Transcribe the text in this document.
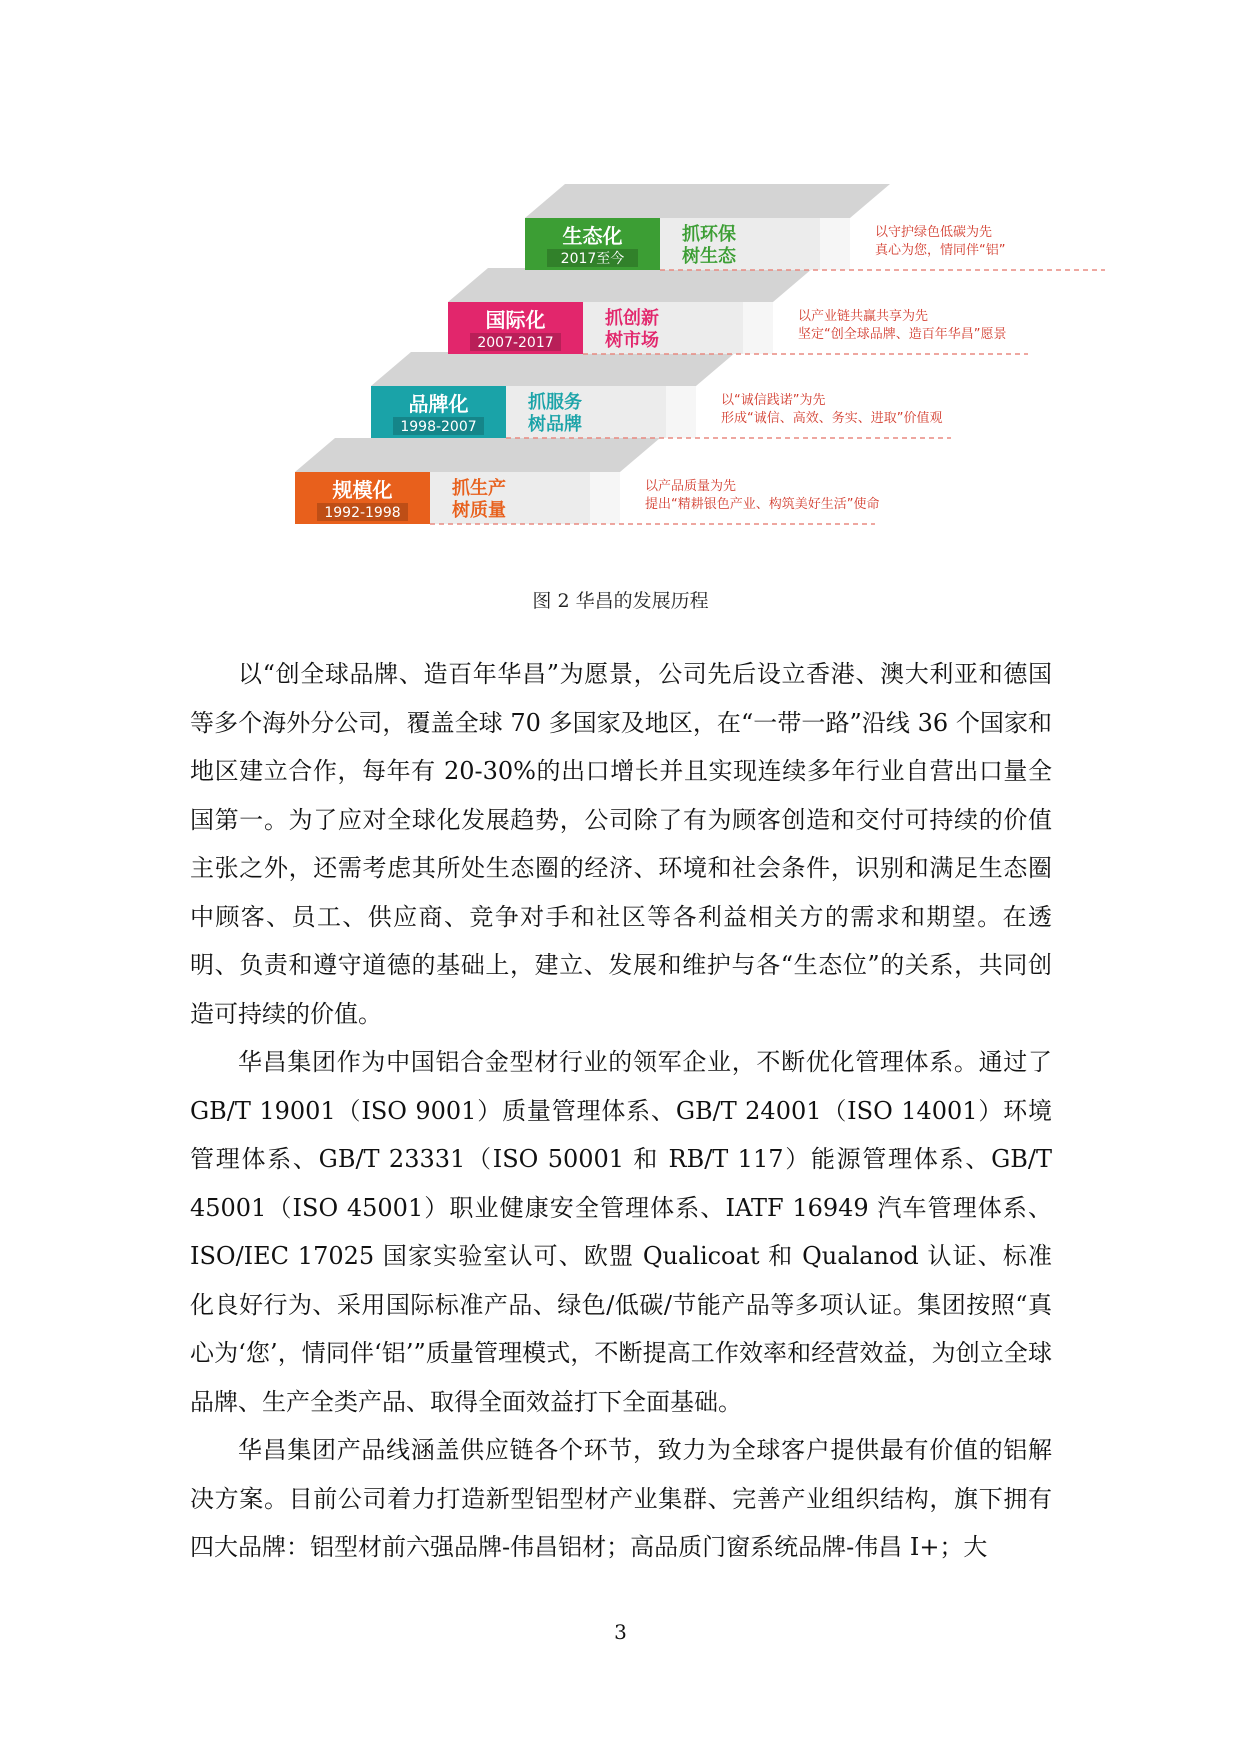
规模化
1992-1998
抓生产
树质量
以产品质量为先
提出“精耕银色产业、构筑美好生活”使命
品牌化
1998-2007
抓服务
树品牌
以“诚信践诺”为先
形成“诚信、高效、务实、进取”价值观
国际化
2007-2017
抓创新
树市场
以产业链共赢共享为先
坚定“创全球品牌、造百年华昌”愿景
生态化
2017至今
抓环保
树生态
以守护绿色低碳为先
真心为您，情同伴“铝”
图 2 华昌的发展历程

以“创全球品牌、造百年华昌”为愿景，公司先后设立香港、澳大利亚和德国等多个海外分公司，覆盖全球 70 多国家及地区，在“一带一路”沿线 36 个国家和地区建立合作，每年有 20-30%的出口增长并且实现连续多年行业自营出口量全国第一。为了应对全球化发展趋势，公司除了有为顾客创造和交付可持续的价值主张之外，还需考虑其所处生态圈的经济、环境和社会条件，识别和满足生态圈中顾客、员工、供应商、竞争对手和社区等各利益相关方的需求和期望。在透明、负责和遵守道德的基础上，建立、发展和维护与各“生态位”的关系，共同创造可持续的价值。

华昌集团作为中国铝合金型材行业的领军企业，不断优化管理体系。通过了 GB/T 19001（ISO 9001）质量管理体系、GB/T 24001（ISO 14001）环境管理体系、GB/T 23331（ISO 50001 和 RB/T 117）能源管理体系、GB/T 45001（ISO 45001）职业健康安全管理体系、IATF 16949 汽车管理体系、ISO/IEC 17025 国家实验室认可、欧盟 Qualicoat 和 Qualanod 认证、标准化良好行为、采用国际标准产品、绿色/低碳/节能产品等多项认证。集团按照“真心为‘您’，情同伴‘铝’”质量管理模式，不断提高工作效率和经营效益，为创立全球品牌、生产全类产品、取得全面效益打下全面基础。

华昌集团产品线涵盖供应链各个环节，致力为全球客户提供最有价值的铝解决方案。目前公司着力打造新型铝型材产业集群、完善产业组织结构，旗下拥有四大品牌：铝型材前六强品牌-伟昌铝材；高品质门窗系统品牌-伟昌 I+；大

3
